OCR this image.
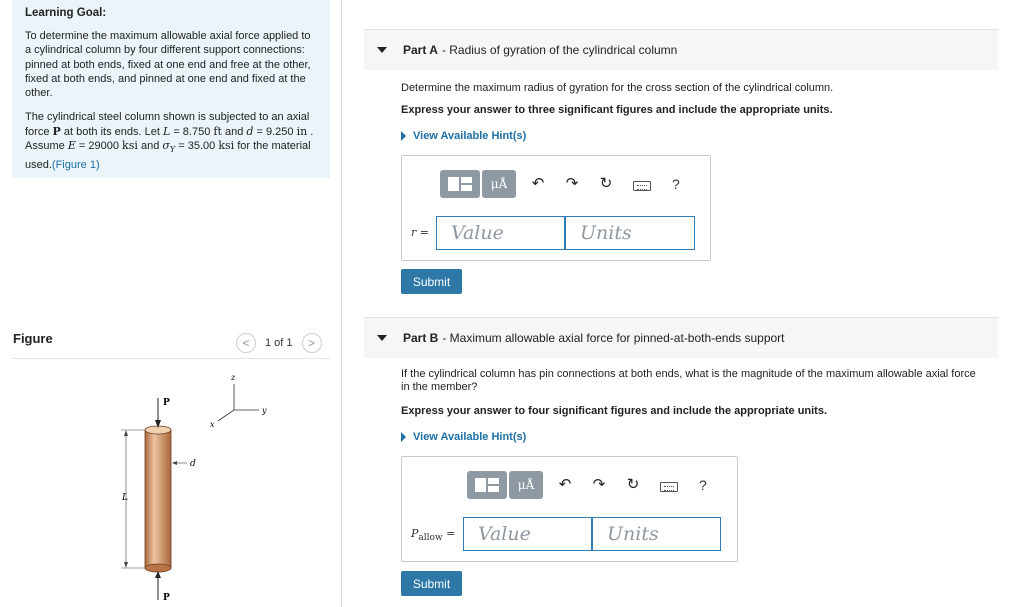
Learning Goal:

To determine the maximum allowable axial force applied to a cylindrical column by four different support connections: pinned at both ends, fixed at one end and free at the other, fixed at both ends, and pinned at one end and fixed at the other.

The cylindrical steel column shown is subjected to an axial force P at both its ends. Let L = 8.750 ft and d = 9.250 in . Assume E = 29000 ksi and $\sigma_Y = 35.00$ ksi for the material used.(Figure 1)

Figure	<	1 of 1	>
P
P
L
d
z
y
x
Part A - Radius of gyration of the cylindrical column
Determine the maximum radius of gyration for the cross section of the cylindrical column.
Express your answer to three significant figures and include the appropriate units.
View Available Hint(s)
μÅ	↶ ↷ ↻	?
r =	Value	Units
Submit
Part B - Maximum allowable axial force for pinned-at-both-ends support
If the cylindrical column has pin connections at both ends, what is the magnitude of the maximum allowable axial force in the member?
Express your answer to four significant figures and include the appropriate units.
View Available Hint(s)
μÅ	↶ ↷ ↻	?
$P_{allow}$ =	Value	Units
Submit
